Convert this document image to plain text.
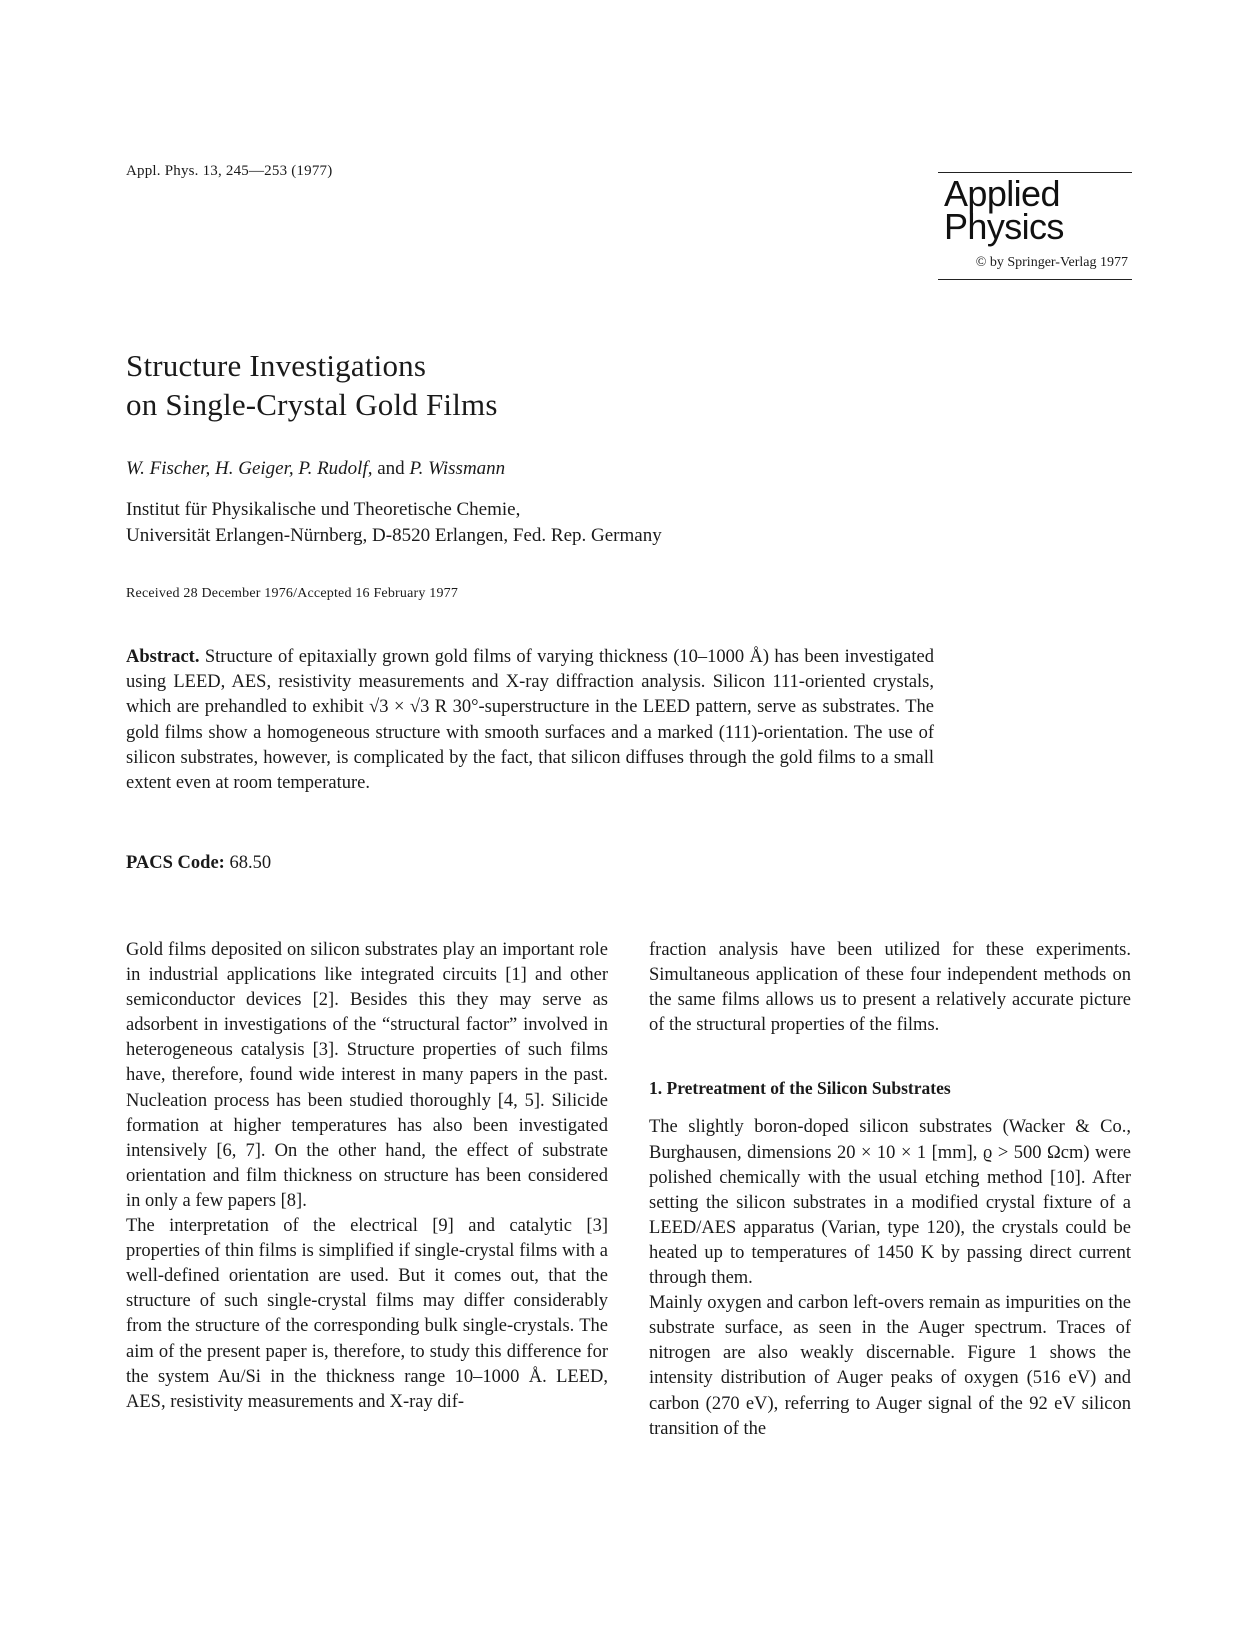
Appl. Phys. 13, 245—253 (1977)
Applied
Physics
© by Springer-Verlag 1977
Structure Investigations
on Single-Crystal Gold Films
W. Fischer, H. Geiger, P. Rudolf, and P. Wissmann
Institut für Physikalische und Theoretische Chemie,
Universität Erlangen-Nürnberg, D-8520 Erlangen, Fed. Rep. Germany
Received 28 December 1976/Accepted 16 February 1977

Abstract. Structure of epitaxially grown gold films of varying thickness (10–1000 Å) has been investigated using LEED, AES, resistivity measurements and X-ray diffraction analysis. Silicon 111-oriented crystals, which are prehandled to exhibit √3 × √3 R 30°-superstructure in the LEED pattern, serve as substrates. The gold films show a homogeneous structure with smooth surfaces and a marked (111)-orientation. The use of silicon substrates, however, is complicated by the fact, that silicon diffuses through the gold films to a small extent even at room temperature.

PACS Code: 68.50

Gold films deposited on silicon substrates play an important role in industrial applications like integrated circuits [1] and other semiconductor devices [2]. Besides this they may serve as adsorbent in investigations of the “structural factor” involved in heterogeneous catalysis [3]. Structure properties of such films have, therefore, found wide interest in many papers in the past. Nucleation process has been studied thoroughly [4, 5]. Silicide formation at higher temperatures has also been investigated intensively [6, 7]. On the other hand, the effect of substrate orientation and film thickness on structure has been considered in only a few papers [8].

The interpretation of the electrical [9] and catalytic [3] properties of thin films is simplified if single-crystal films with a well-defined orientation are used. But it comes out, that the structure of such single-crystal films may differ considerably from the structure of the corresponding bulk single-crystals. The aim of the present paper is, therefore, to study this difference for the system Au/Si in the thickness range 10–1000 Å. LEED, AES, resistivity measurements and X-ray dif-

fraction analysis have been utilized for these experiments. Simultaneous application of these four independent methods on the same films allows us to present a relatively accurate picture of the structural properties of the films.

1. Pretreatment of the Silicon Substrates

The slightly boron-doped silicon substrates (Wacker & Co., Burghausen, dimensions 20 × 10 × 1 [mm], ϱ > 500 Ωcm) were polished chemically with the usual etching method [10]. After setting the silicon substrates in a modified crystal fixture of a LEED/AES apparatus (Varian, type 120), the crystals could be heated up to temperatures of 1450 K by passing direct current through them.

Mainly oxygen and carbon left-overs remain as impurities on the substrate surface, as seen in the Auger spectrum. Traces of nitrogen are also weakly discernable. Figure 1 shows the intensity distribution of Auger peaks of oxygen (516 eV) and carbon (270 eV), referring to Auger signal of the 92 eV silicon transition of the
